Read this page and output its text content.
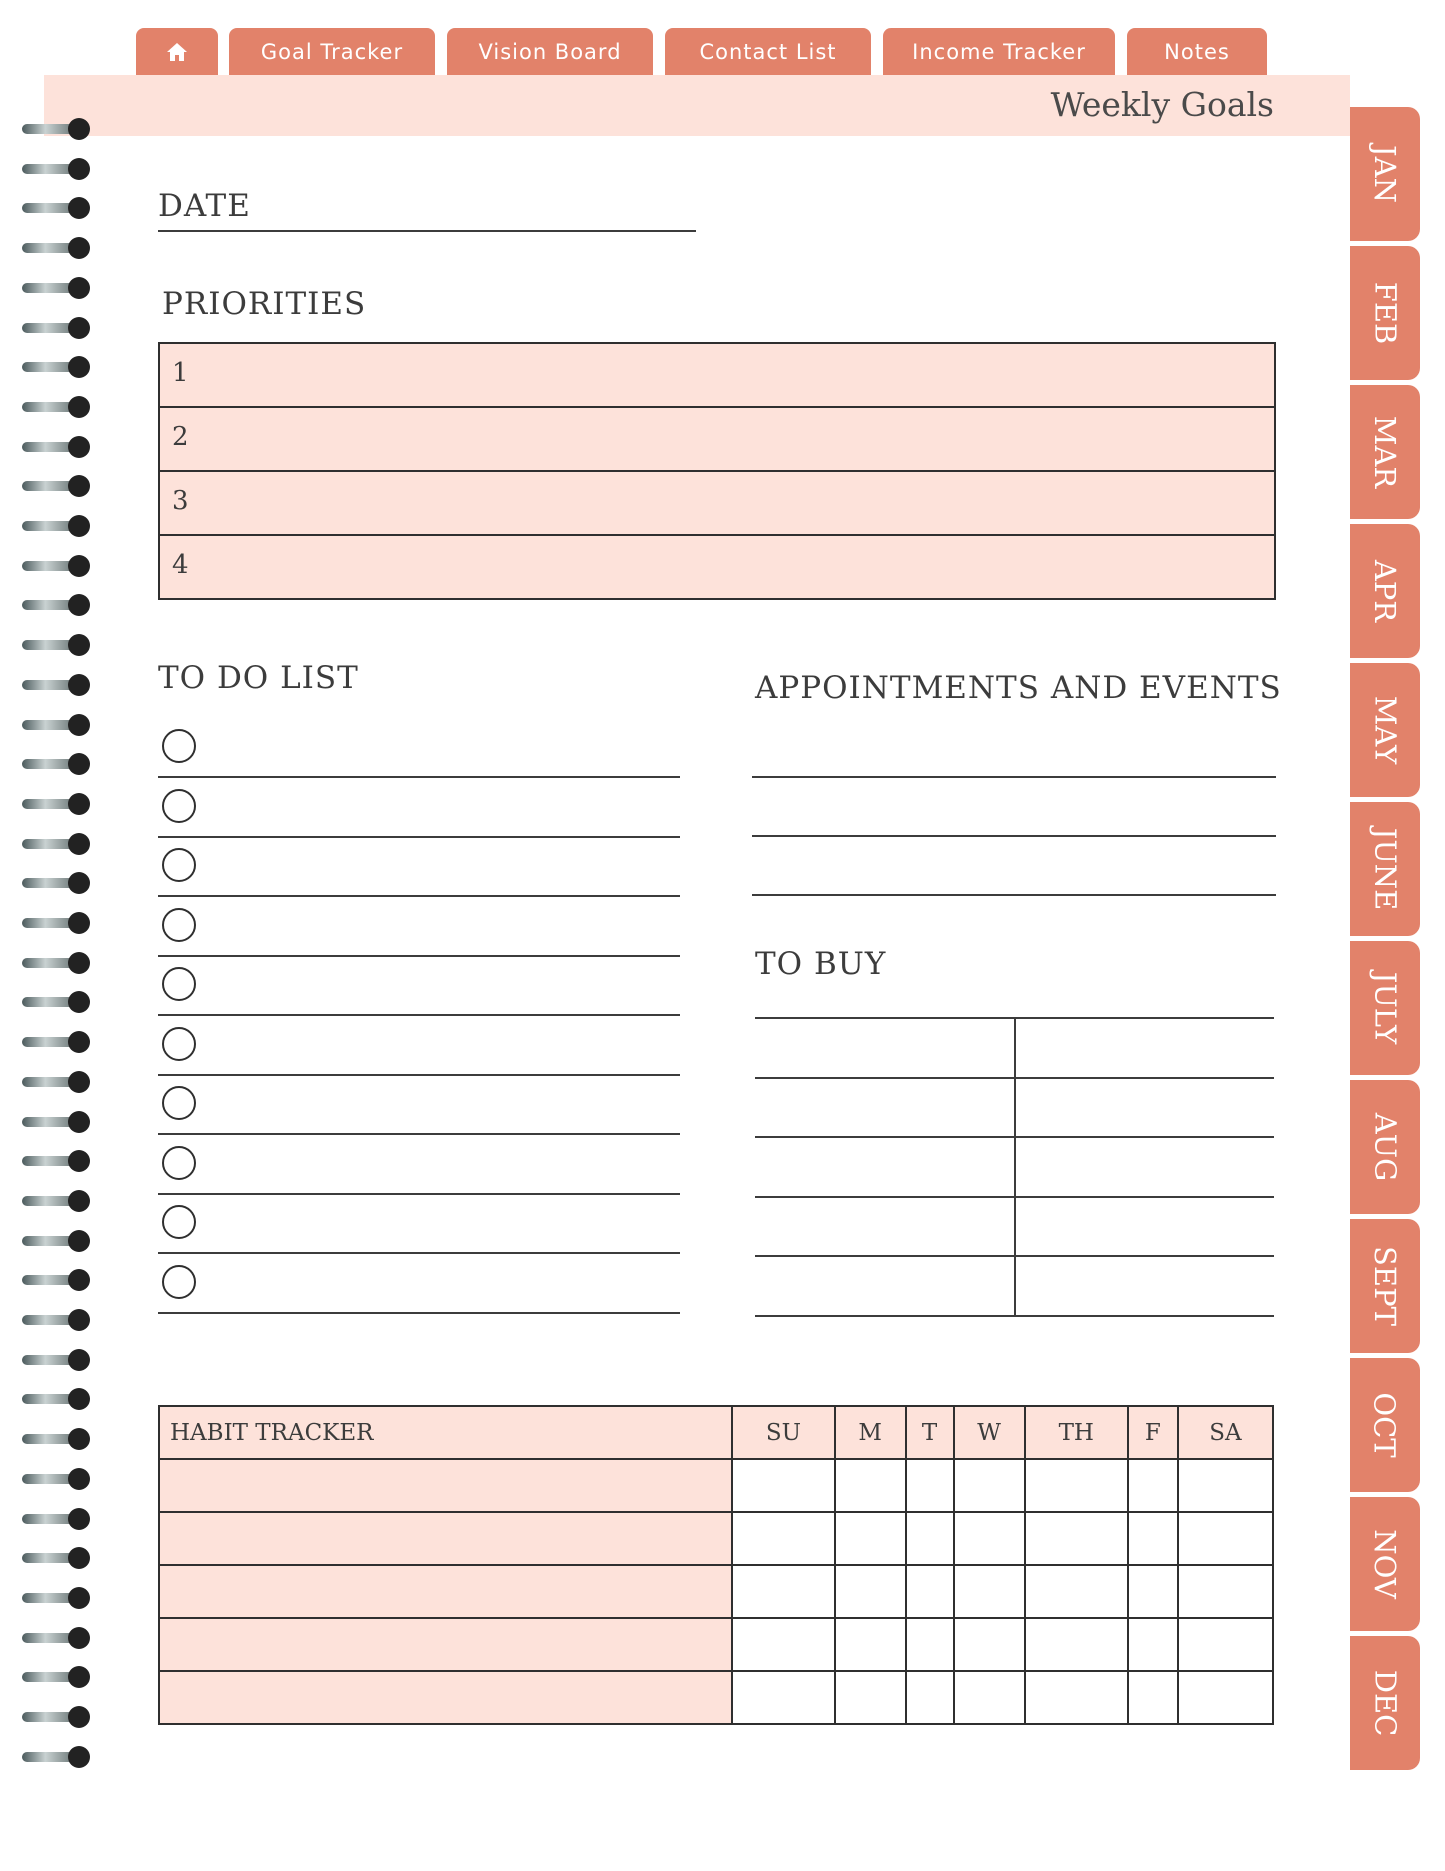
Goal Tracker	Vision Board	Contact List	Income Tracker	Notes
Weekly Goals
JAN
FEB
MAR
APR
MAY
JUNE
JULY
AUG
SEPT
OCT
NOV
DEC
DATE
PRIORITIES
1
2
3
4
TO DO LIST	APPOINTMENTS AND EVENTS
TO BUY
HABIT TRACKER	SU	M	T	W	TH	F	SA
